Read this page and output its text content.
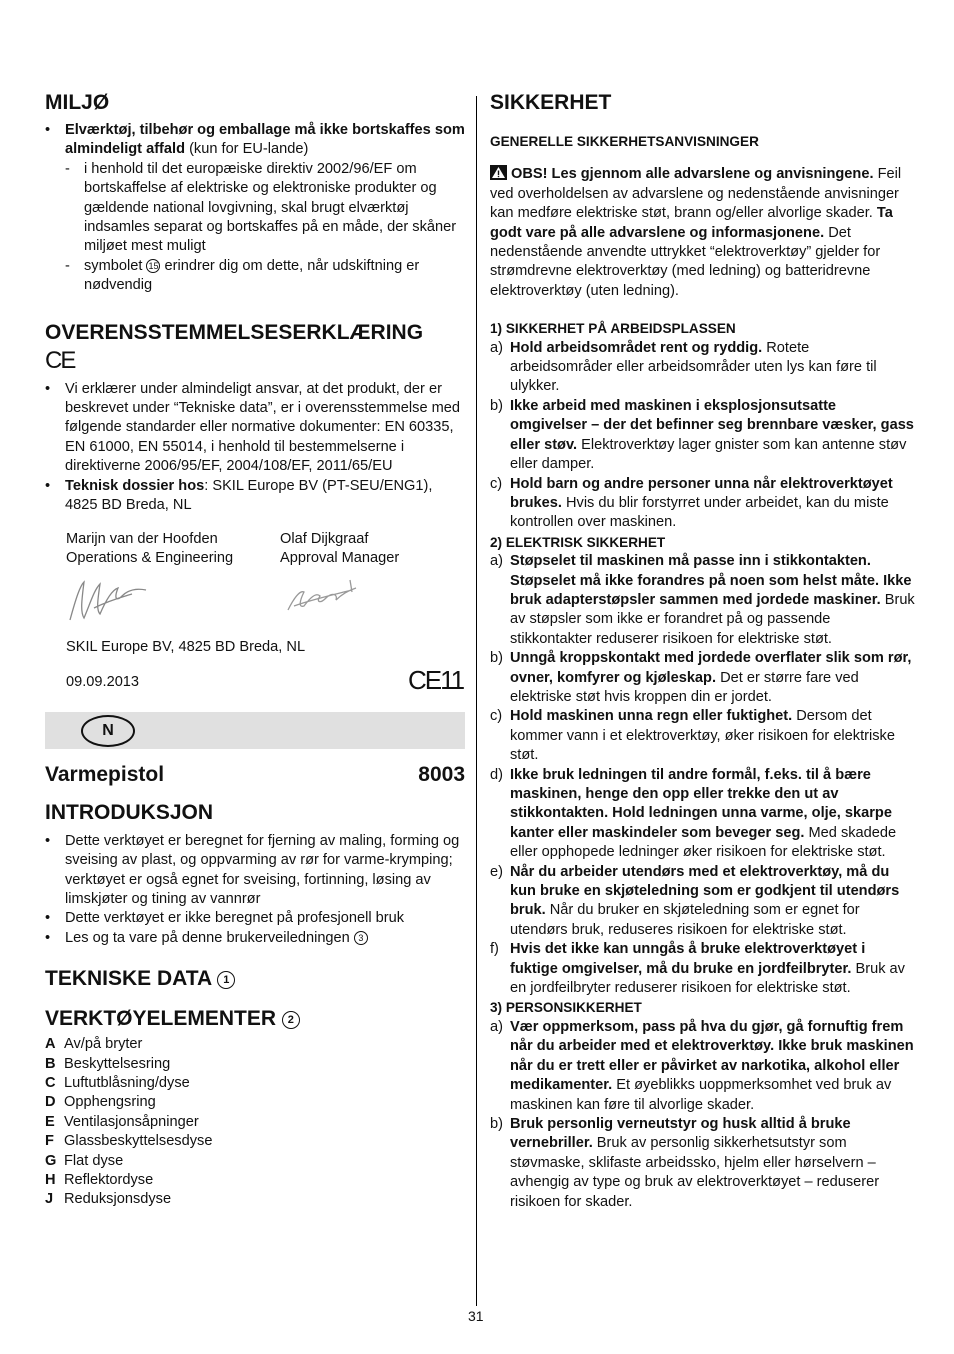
MILJØ
• Elværktøj, tilbehør og emballage må ikke bortskaffes som almindeligt affald (kun for EU-lande)
- i henhold til det europæiske direktiv 2002/96/EF om bortskaffelse af elektriske og elektroniske produkter og gældende national lovgivning, skal brugt elværktøj indsamles separat og bortskaffes på en måde, der skåner miljøet mest muligt
- symbolet 15 erindrer dig om dette, når udskiftning er nødvendig
OVERENSSTEMMELSESERKLÆRING
CE
• Vi erklærer under almindeligt ansvar, at det produkt, der er beskrevet under “Tekniske data”, er i overensstemmelse med følgende standarder eller normative dokumenter: EN 60335, EN 61000, EN 55014, i henhold til bestemmelserne i direktiverne 2006/95/EF, 2004/108/EF, 2011/65/EU
• Teknisk dossier hos: SKIL Europe BV (PT-SEU/ENG1), 4825 BD Breda, NL
Marijn van der Hoofden
Operations & Engineering
Olaf Dijkgraaf
Approval Manager
SKIL Europe BV, 4825 BD Breda, NL
09.09.2013	CE11
N
Varmepistol	8003
INTRODUKSJON
• Dette verktøyet er beregnet for fjerning av maling, forming og sveising av plast, og oppvarming av rør for varme-krymping; verktøyet er også egnet for sveising, fortinning, løsing av limskjøter og tining av vannrør
• Dette verktøyet er ikke beregnet på profesjonell bruk
• Les og ta vare på denne brukerveiledningen 3
TEKNISKE DATA 1
VERKTØYELEMENTER 2
A Av/på bryter
B Beskyttelsesring
C Luftutblåsning/dyse
D Opphengsring
E Ventilasjonsåpninger
F Glassbeskyttelsesdyse
G Flat dyse
H Reflektordyse
J Reduksjonsdyse
SIKKERHET
GENERELLE SIKKERHETSANVISNINGER
OBS! Les gjennom alle advarslene og anvisningene. Feil ved overholdelsen av advarslene og nedenstående anvisninger kan medføre elektriske støt, brann og/eller alvorlige skader. Ta godt vare på alle advarslene og informasjonene. Det nedenstående anvendte uttrykket “elektroverktøy” gjelder for strømdrevne elektroverktøy (med ledning) og batteridrevne elektroverktøy (uten ledning).
1) SIKKERHET PÅ ARBEIDSPLASSEN
a) Hold arbeidsområdet rent og ryddig. Rotete arbeidsområder eller arbeidsområder uten lys kan føre til ulykker.
b) Ikke arbeid med maskinen i eksplosjonsutsatte omgivelser – der det befinner seg brennbare væsker, gass eller støv. Elektroverktøy lager gnister som kan antenne støv eller damper.
c) Hold barn og andre personer unna når elektroverktøyet brukes. Hvis du blir forstyrret under arbeidet, kan du miste kontrollen over maskinen.
2) ELEKTRISK SIKKERHET
a) Støpselet til maskinen må passe inn i stikkontakten. Støpselet må ikke forandres på noen som helst måte. Ikke bruk adapterstøpsler sammen med jordede maskiner. Bruk av støpsler som ikke er forandret på og passende stikkontakter reduserer risikoen for elektriske støt.
b) Unngå kroppskontakt med jordede overflater slik som rør, ovner, komfyrer og kjøleskap. Det er større fare ved elektriske støt hvis kroppen din er jordet.
c) Hold maskinen unna regn eller fuktighet. Dersom det kommer vann i et elektroverktøy, øker risikoen for elektriske støt.
d) Ikke bruk ledningen til andre formål, f.eks. til å bære maskinen, henge den opp eller trekke den ut av stikkontakten. Hold ledningen unna varme, olje, skarpe kanter eller maskindeler som beveger seg. Med skadede eller opphopede ledninger øker risikoen for elektriske støt.
e) Når du arbeider utendørs med et elektroverktøy, må du kun bruke en skjøteledning som er godkjent til utendørs bruk. Når du bruker en skjøteledning som er egnet for utendørs bruk, reduseres risikoen for elektriske støt.
f) Hvis det ikke kan unngås å bruke elektroverktøyet i fuktige omgivelser, må du bruke en jordfeilbryter. Bruk av en jordfeilbryter reduserer risikoen for elektriske støt.
3) PERSONSIKKERHET
a) Vær oppmerksom, pass på hva du gjør, gå fornuftig frem når du arbeider med et elektroverktøy. Ikke bruk maskinen når du er trett eller er påvirket av narkotika, alkohol eller medikamenter. Et øyeblikks uoppmerksomhet ved bruk av maskinen kan føre til alvorlige skader.
b) Bruk personlig verneutstyr og husk alltid å bruke vernebriller. Bruk av personlig sikkerhetsutstyr som støvmaske, sklifaste arbeidssko, hjelm eller hørselvern – avhengig av type og bruk av elektroverktøyet – reduserer risikoen for skader.
31
